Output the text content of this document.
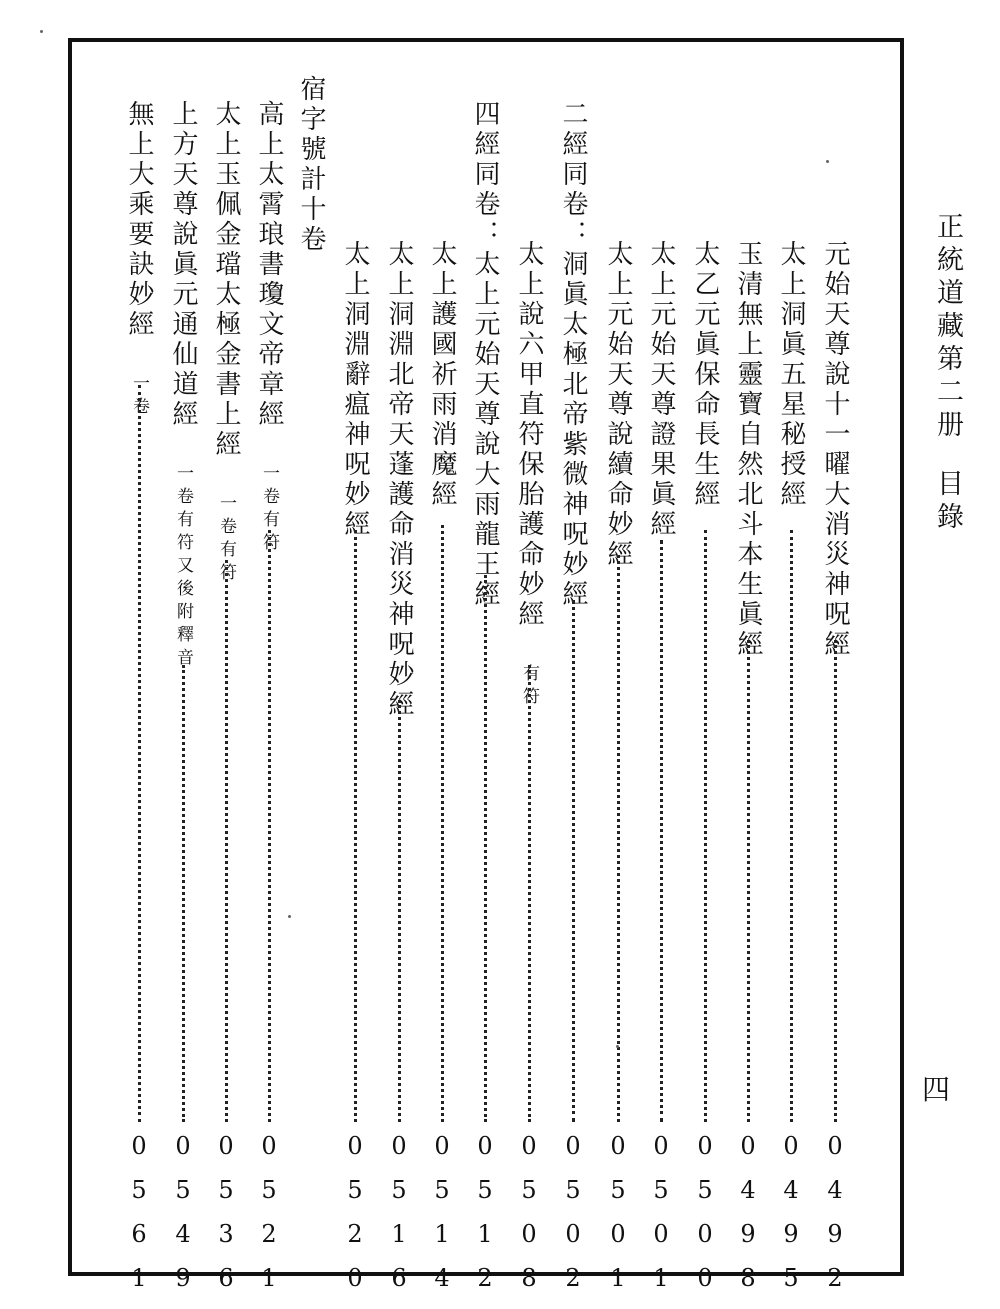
正統道藏第二册目錄
四
元始天尊說十一曜大消災神呪經
0492
太上洞眞五星秘授經
0495
玉清無上靈寶自然北斗本生眞經
0498
太乙元眞保命長生經
0500
太上元始天尊證果眞經
0501
太上元始天尊說續命妙經
0501
二經同卷：洞眞太極北帝紫微神呪妙經
0502
太上說六甲直符保胎護命妙經 有符
0508
四經同卷：太上元始天尊說大雨龍王經
0512
太上護國祈雨消魔經
0514
太上洞淵北帝天蓬護命消災神呪妙經
0516
太上洞淵辭瘟神呪妙經
0520
宿字號計十卷
高上太霄琅書瓊文帝章經 一卷有符
0521
太上玉佩金璫太極金書上經 一卷有符
0536
上方天尊說眞元通仙道經 一卷有符又後附釋音
0549
無上大乘要訣妙經 一卷
0561
